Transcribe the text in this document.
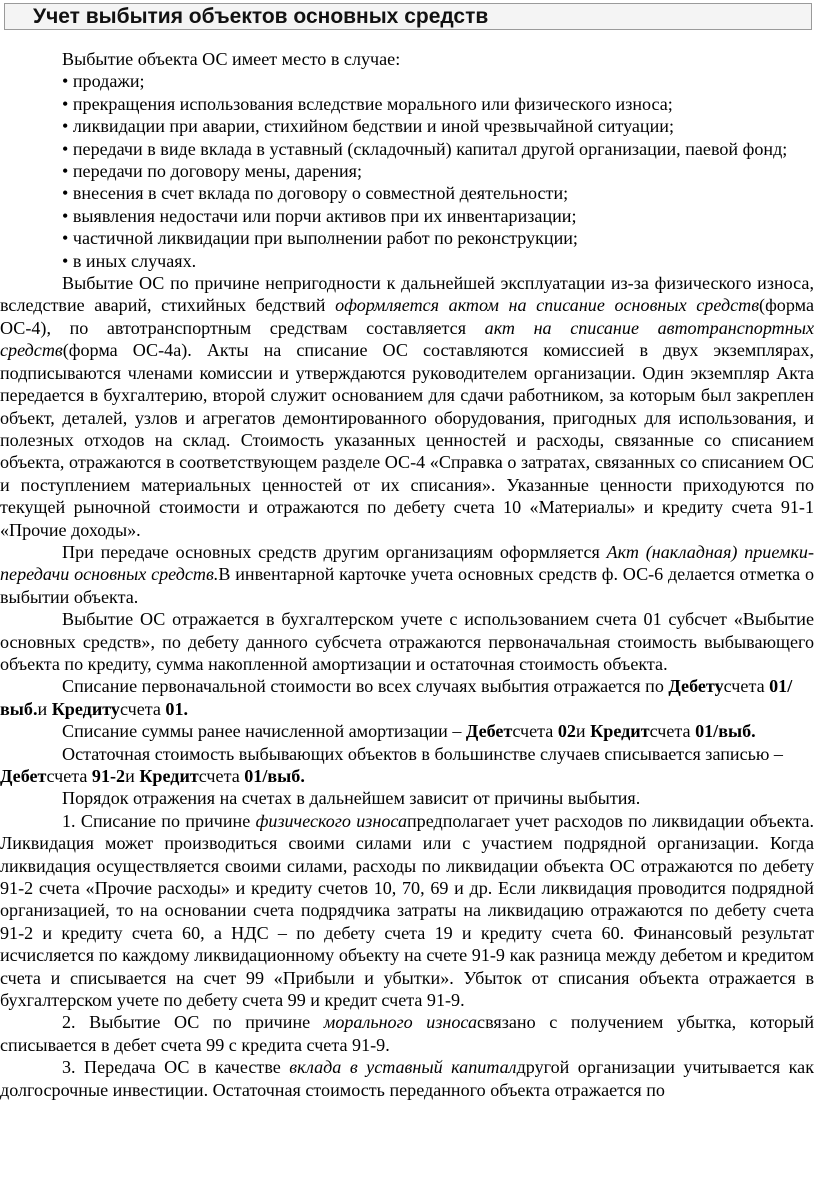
Учет выбытия объектов основных средств

Выбытие объекта ОС имеет место в случае:

• продажи;

• прекращения использования вследствие морального или физического износа;

• ликвидации при аварии, стихийном бедствии и иной чрезвычайной ситуации;

• передачи в виде вклада в уставный (складочный) капитал другой организации, паевой фонд;

• передачи по договору мены, дарения;

• внесения в счет вклада по договору о совместной деятельности;

• выявления недостачи или порчи активов при их инвентаризации;

• частичной ликвидации при выполнении работ по реконструкции;

• в иных случаях.

Выбытие ОС по причине непригодности к дальнейшей эксплуатации из-за физического износа, вследствие аварий, стихийных бедствий оформляется актом на списание основных средств(форма ОС-4), по автотранспортным средствам составляется акт на списание автотранспортных средств(форма ОС-4а). Акты на списание ОС составляются комиссией в двух экземплярах, подписываются членами комиссии и утверждаются руководителем организации. Один экземпляр Акта передается в бухгалтерию, второй служит основанием для сдачи работником, за которым был закреплен объект, деталей, узлов и агрегатов демонтированного оборудования, пригодных для использования, и полезных отходов на склад. Стоимость указанных ценностей и расходы, связанные со списанием объекта, отражаются в соответствующем разделе ОС-4 «Справка о затратах, связанных со списанием ОС и поступлением материальных ценностей от их списания». Указанные ценности приходуются по текущей рыночной стоимости и отражаются по дебету счета 10 «Материалы» и кредиту счета 91-1 «Прочие доходы».

При передаче основных средств другим организациям оформляется Акт (накладная) приемки-передачи основных средств.В инвентарной карточке учета основных средств ф. ОС-6 делается отметка о выбытии объекта.

Выбытие ОС отражается в бухгалтерском учете с использованием счета 01 субсчет «Выбытие основных средств», по дебету данного субсчета отражаются первоначальная стоимость выбывающего объекта по кредиту, сумма накопленной амортизации и остаточная стоимость объекта.

Списание первоначальной стоимости во всех случаях выбытия отражается по Дебетусчета 01/выб.и Кредитусчета 01.

Списание суммы ранее начисленной амортизации – Дебетсчета 02и Кредитсчета 01/выб.

Остаточная стоимость выбывающих объектов в большинстве случаев списывается записью – Дебетсчета 91-2и Кредитсчета 01/выб.

Порядок отражения на счетах в дальнейшем зависит от причины выбытия.

1. Списание по причине физического износапредполагает учет расходов по ликвидации объекта. Ликвидация может производиться своими силами или с участием подрядной организации. Когда ликвидация осуществляется своими силами, расходы по ликвидации объекта ОС отражаются по дебету 91-2 счета «Прочие расходы» и кредиту счетов 10, 70, 69 и др. Если ликвидация проводится подрядной организацией, то на основании счета подрядчика затраты на ликвидацию отражаются по дебету счета 91-2 и кредиту счета 60, а НДС – по дебету счета 19 и кредиту счета 60. Финансовый результат исчисляется по каждому ликвидационному объекту на счете 91-9 как разница между дебетом и кредитом счета и списывается на счет 99 «Прибыли и убытки». Убыток от списания объекта отражается в бухгалтерском учете по дебету счета 99 и кредит счета 91-9.

2. Выбытие ОС по причине морального износасвязано с получением убытка, который списывается в дебет счета 99 с кредита счета 91-9.

3. Передача ОС в качестве вклада в уставный капиталдругой организации учитывается как долгосрочные инвестиции. Остаточная стоимость переданного объекта отражается по
